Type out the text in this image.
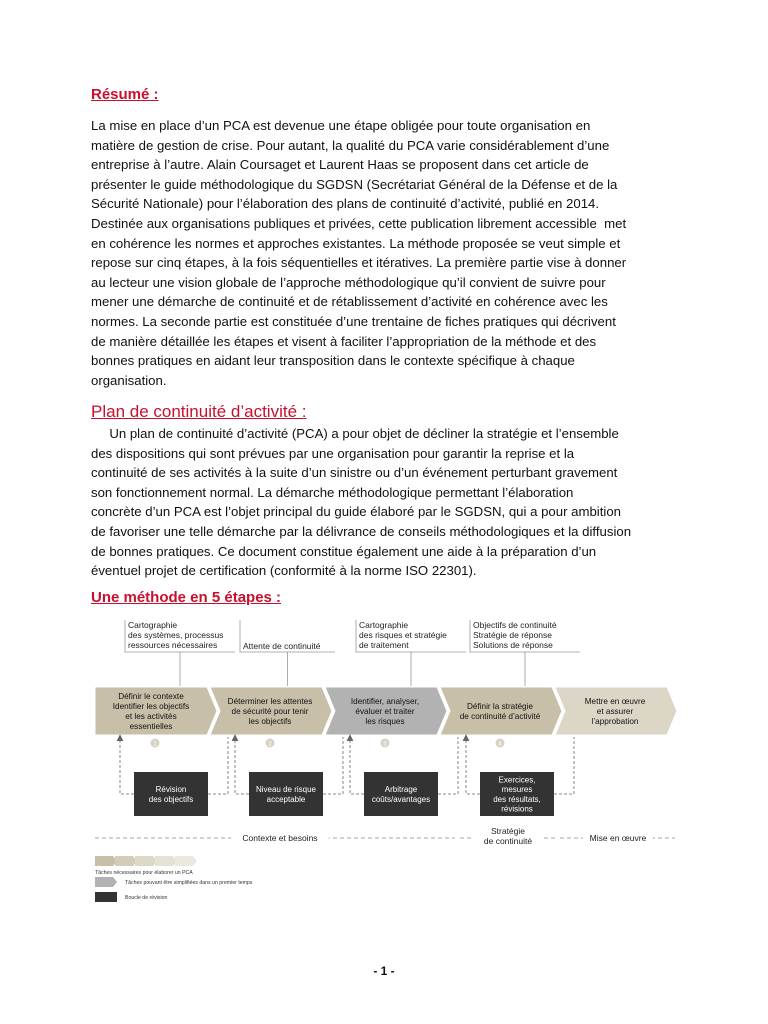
Résumé :

La mise en place d’un PCA est devenue une étape obligée pour toute organisation en
matière de gestion de crise. Pour autant, la qualité du PCA varie considérablement d’une
entreprise à l’autre. Alain Coursaget et Laurent Haas se proposent dans cet article de
présenter le guide méthodologique du SGDSN (Secrétariat Général de la Défense et de la
Sécurité Nationale) pour l’élaboration des plans de continuité d’activité, publié en 2014.
Destinée aux organisations publiques et privées, cette publication librement accessible  met
en cohérence les normes et approches existantes. La méthode proposée se veut simple et
repose sur cinq étapes, à la fois séquentielles et itératives. La première partie vise à donner
au lecteur une vision globale de l’approche méthodologique qu’il convient de suivre pour
mener une démarche de continuité et de rétablissement d’activité en cohérence avec les
normes. La seconde partie est constituée d’une trentaine de fiches pratiques qui décrivent
de manière détaillée les étapes et visent à faciliter l’appropriation de la méthode et des
bonnes pratiques en aidant leur transposition dans le contexte spécifique à chaque
organisation.

Plan de continuité d’activité :

Un plan de continuité d’activité (PCA) a pour objet de décliner la stratégie et l’ensemble
des dispositions qui sont prévues par une organisation pour garantir la reprise et la
continuité de ses activités à la suite d’un sinistre ou d’un événement perturbant gravement
son fonctionnement normal. La démarche méthodologique permettant l’élaboration
concrète d’un PCA est l’objet principal du guide élaboré par le SGDSN, qui a pour ambition
de favoriser une telle démarche par la délivrance de conseils méthodologiques et la diffusion
de bonnes pratiques. Ce document constitue également une aide à la préparation d’un
éventuel projet de certification (conformité à la norme ISO 22301).

Une méthode en 5 étapes :
Cartographie
des systèmes, processus
ressources nécessaires	Attente de continuité
Cartographie
des risques et stratégie
de traitement
Objectifs de continuité
Stratégie de réponse
Solutions de réponse
Définir le contexte
Identifier les objectifs
et les activités
essentielles
1
Déterminer les attentes
de sécurité pour tenir
les objectifs
2
Identifier, analyser,
évaluer et traiter
les risques
3
Définir la stratégie
de continuité d’activité
4
Mettre en œuvre
et assurer
l’approbation
Révision
des objectifs
Niveau de risque
acceptable
Arbitrage
coûts/avantages
Exercices,
mesures
des résultats,
révisions
Contexte et besoins
Stratégie
de continuité	Mise en œuvre
Tâches nécessaires pour élaborer un PCA
Tâches pouvant être simplifiées dans un premier temps
Boucle de révision
- 1 -
